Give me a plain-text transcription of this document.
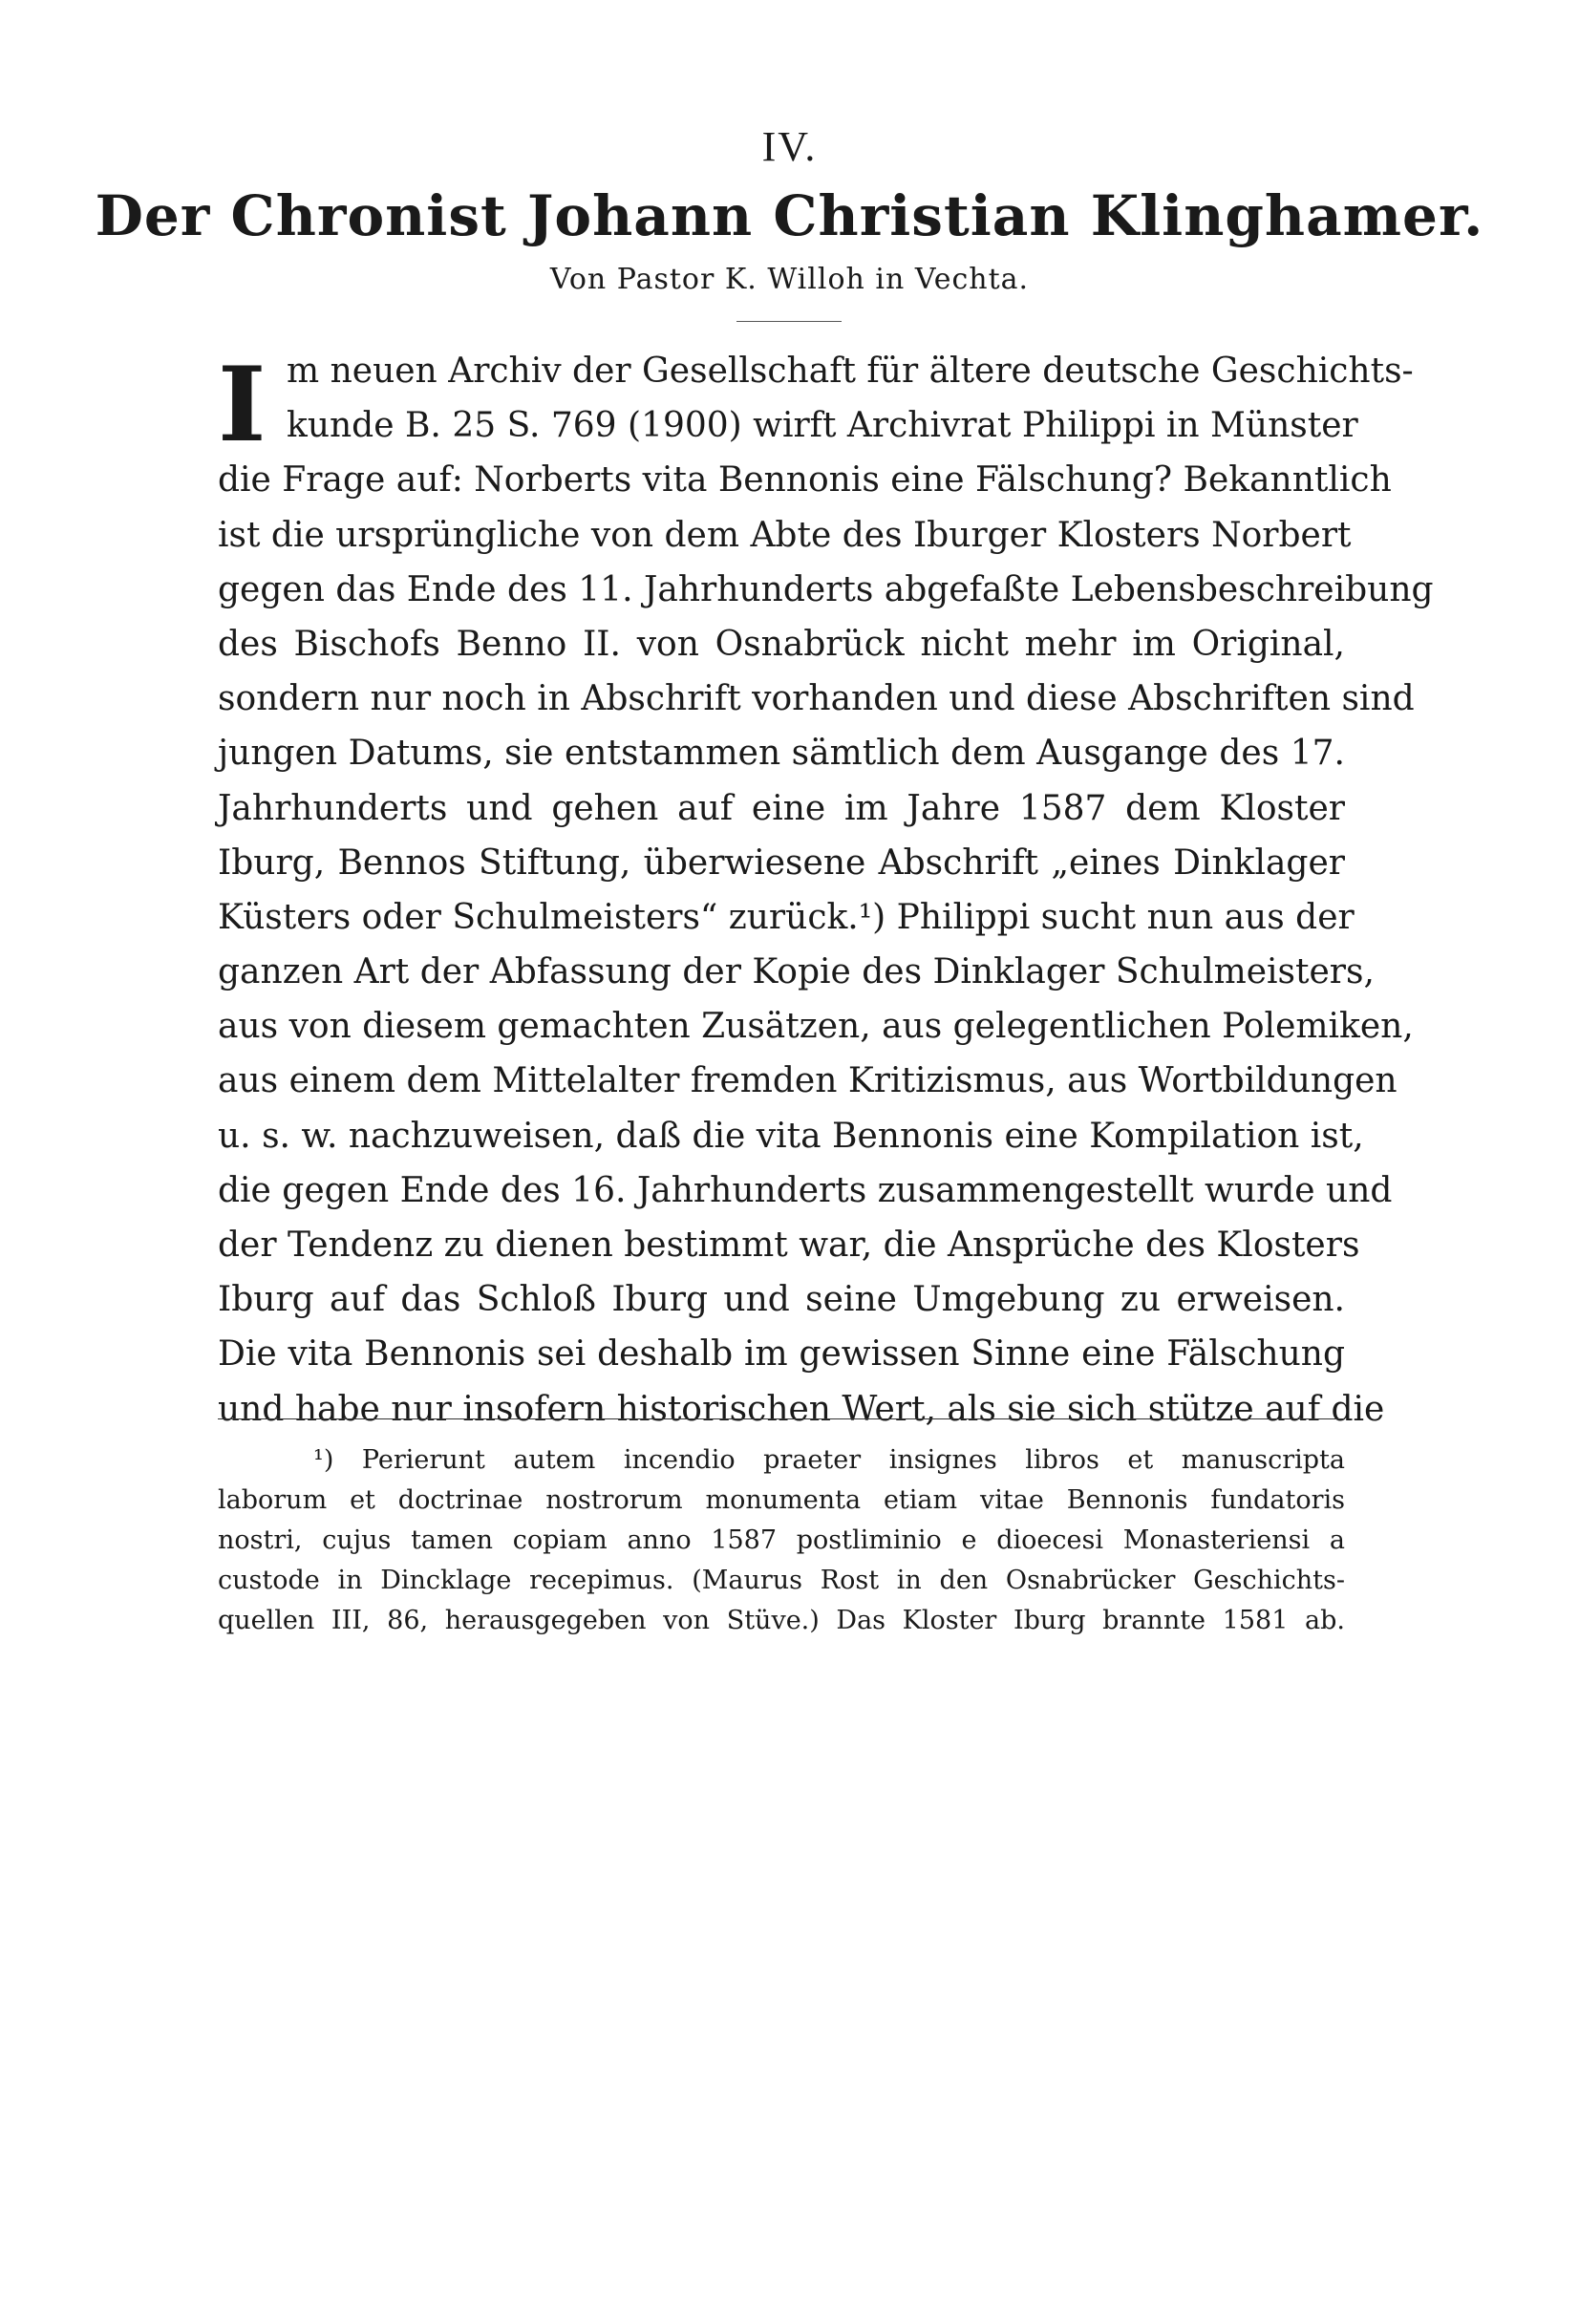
IV.
Der Chronist Johann Christian Klinghamer.
Von Pastor K. Willoh in Vechta.
I m neuen Archiv der Gesellschaft für ältere deutsche Geschichts-
kunde B. 25 S. 769 (1900) wirft Archivrat Philippi in Münster
die Frage auf: Norberts vita Bennonis eine Fälschung? Bekanntlich
ist die ursprüngliche von dem Abte des Iburger Klosters Norbert
gegen das Ende des 11. Jahrhunderts abgefaßte Lebensbeschreibung
des Bischofs Benno II. von Osnabrück nicht mehr im Original,
sondern nur noch in Abschrift vorhanden und diese Abschriften sind
jungen Datums, sie entstammen sämtlich dem Ausgange des 17.
Jahrhunderts und gehen auf eine im Jahre 1587 dem Kloster
Iburg, Bennos Stiftung, überwiesene Abschrift „eines Dinklager
Küsters oder Schulmeisters“ zurück.¹) Philippi sucht nun aus der
ganzen Art der Abfassung der Kopie des Dinklager Schulmeisters,
aus von diesem gemachten Zusätzen, aus gelegentlichen Polemiken,
aus einem dem Mittelalter fremden Kritizismus, aus Wortbildungen
u. s. w. nachzuweisen, daß die vita Bennonis eine Kompilation ist,
die gegen Ende des 16. Jahrhunderts zusammengestellt wurde und
der Tendenz zu dienen bestimmt war, die Ansprüche des Klosters
Iburg auf das Schloß Iburg und seine Umgebung zu erweisen.
Die vita Bennonis sei deshalb im gewissen Sinne eine Fälschung
und habe nur insofern historischen Wert, als sie sich stütze auf die
¹) Perierunt autem incendio praeter insignes libros et manuscripta
laborum et doctrinae nostrorum monumenta etiam vitae Bennonis fundatoris
nostri, cujus tamen copiam anno 1587 postliminio e dioecesi Monasteriensi a
custode in Dincklage recepimus. (Maurus Rost in den Osnabrücker Geschichts-
quellen III, 86, herausgegeben von Stüve.) Das Kloster Iburg brannte 1581 ab.
